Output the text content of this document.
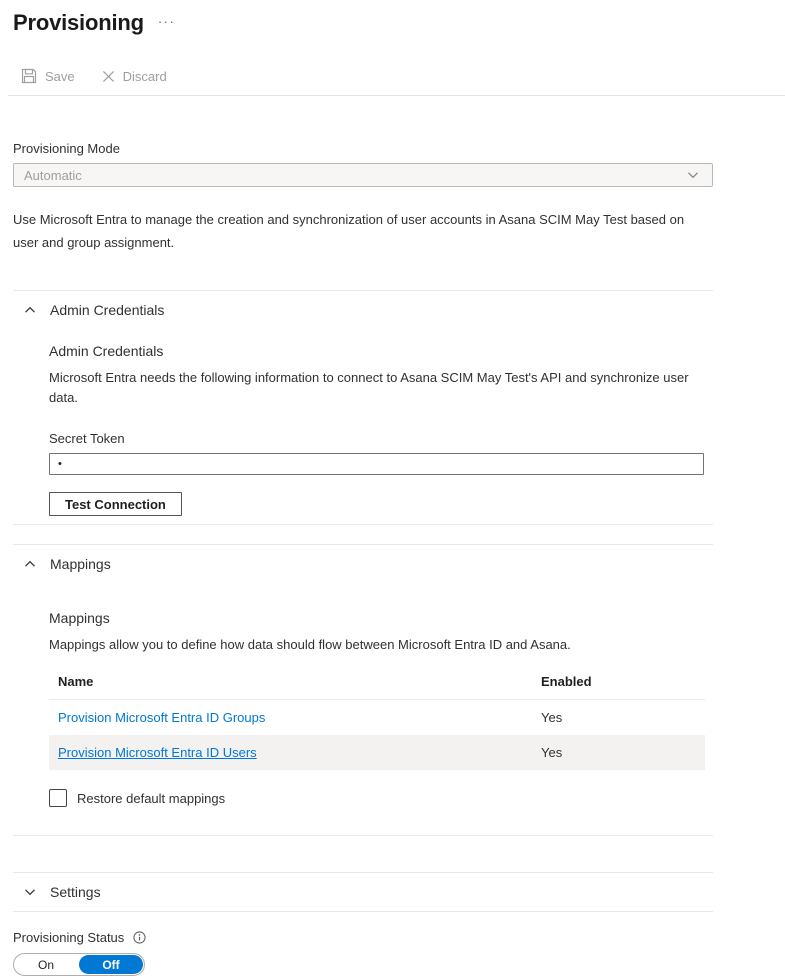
Provisioning ···
Save	Discard
Provisioning Mode
Automatic
Use Microsoft Entra to manage the creation and synchronization of user accounts in Asana SCIM May Test based on user and group assignment.
Admin Credentials
Admin Credentials
Microsoft Entra needs the following information to connect to Asana SCIM May Test's API and synchronize user data.
Secret Token
• Test Connection
Mappings
Mappings
Mappings allow you to define how data should flow between Microsoft Entra ID and Asana.
Name	Enabled
Provision Microsoft Entra ID Groups	Yes
Provision Microsoft Entra ID Users	Yes
Restore default mappings
Settings
Provisioning Status
On	Off
